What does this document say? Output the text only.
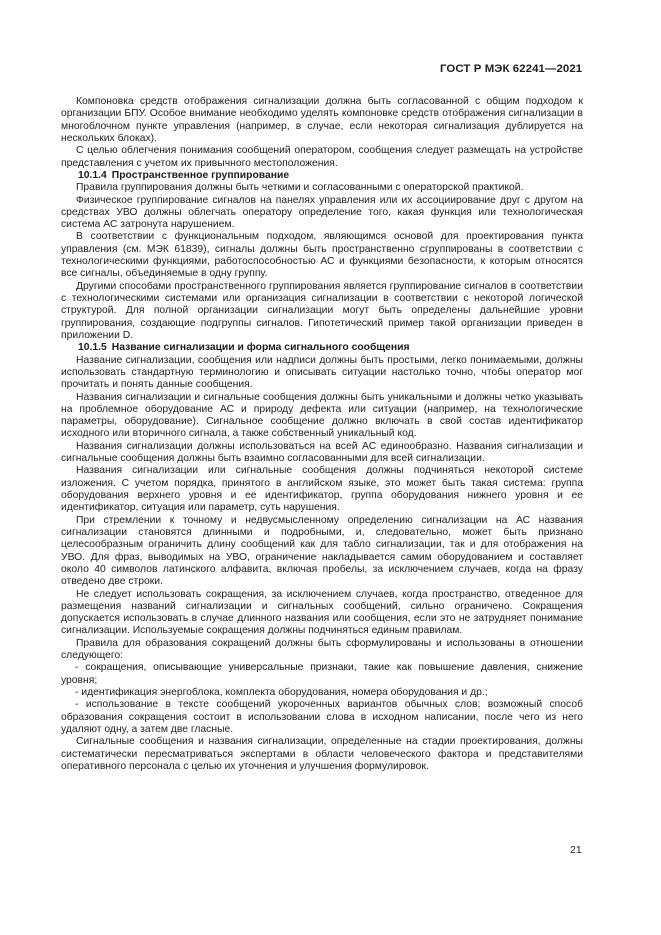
ГОСТ Р МЭК 62241—2021

Компоновка средств отображения сигнализации должна быть согласованной с общим подходом к организации БПУ. Особое внимание необходимо уделять компоновке средств отображения сигнализации в многоблочном пункте управления (например, в случае, если некоторая сигнализация дублируется на нескольких блоках).

С целью облегчения понимания сообщений оператором, сообщения следует размещать на устройстве представления с учетом их привычного местоположения.

10.1.4 Пространственное группирование

Правила группирования должны быть четкими и согласованными с операторской практикой.

Физическое группирование сигналов на панелях управления или их ассоциирование друг с другом на средствах УВО должны облегчать оператору определение того, какая функция или технологическая система АС затронута нарушением.

В соответствии с функциональным подходом, являющимся основой для проектирования пункта управления (см. МЭК 61839), сигналы должны быть пространственно сгруппированы в соответствии с технологическими функциями, работоспособностью АС и функциями безопасности, к которым относятся все сигналы, объединяемые в одну группу.

Другими способами пространственного группирования является группирование сигналов в соответствии с технологическими системами или организация сигнализации в соответствии с некоторой логической структурой. Для полной организации сигнализации могут быть определены дальнейшие уровни группирования, создающие подгруппы сигналов. Гипотетический пример такой организации приведен в приложении D.

10.1.5 Название сигнализации и форма сигнального сообщения

Название сигнализации, сообщения или надписи должны быть простыми, легко понимаемыми, должны использовать стандартную терминологию и описывать ситуации настолько точно, чтобы оператор мог прочитать и понять данные сообщения.

Названия сигнализации и сигнальные сообщения должны быть уникальными и должны четко указывать на проблемное оборудование АС и природу дефекта или ситуации (например, на технологические параметры, оборудование). Сигнальное сообщение должно включать в свой состав идентификатор исходного или вторичного сигнала, а также собственный уникальный код.

Названия сигнализации должны использоваться на всей АС единообразно. Названия сигнализации и сигнальные сообщения должны быть взаимно согласованными для всей сигнализации.

Названия сигнализации или сигнальные сообщения должны подчиняться некоторой системе изложения. С учетом порядка, принятого в английском языке, это может быть такая система: группа оборудования верхнего уровня и ее идентификатор, группа оборудования нижнего уровня и ее идентификатор, ситуация или параметр, суть нарушения.

При стремлении к точному и недвусмысленному определению сигнализации на АС названия сигнализации становятся длинными и подробными, и, следовательно, может быть признано целесообразным ограничить длину сообщений как для табло сигнализации, так и для отображения на УВО. Для фраз, выводимых на УВО, ограничение накладывается самим оборудованием и составляет около 40 символов латинского алфавита, включая пробелы, за исключением случаев, когда на фразу отведено две строки.

Не следует использовать сокращения, за исключением случаев, когда пространство, отведенное для размещения названий сигнализации и сигнальных сообщений, сильно ограничено. Сокращения допускается использовать в случае длинного названия или сообщения, если это не затрудняет понимание сигнализации. Используемые сокращения должны подчиняться единым правилам.

Правила для образования сокращений должны быть сформулированы и использованы в отношении следующего:

- сокращения, описывающие универсальные признаки, такие как повышение давления, снижение уровня;

- идентификация энергоблока, комплекта оборудования, номера оборудования и др.;

- использование в тексте сообщений укороченных вариантов обычных слов; возможный способ образования сокращения состоит в использовании слова в исходном написании, после чего из него удаляют одну, а затем две гласные.

Сигнальные сообщения и названия сигнализации, определенные на стадии проектирования, должны систематически пересматриваться экспертами в области человеческого фактора и представителями оперативного персонала с целью их уточнения и улучшения формулировок.

21
